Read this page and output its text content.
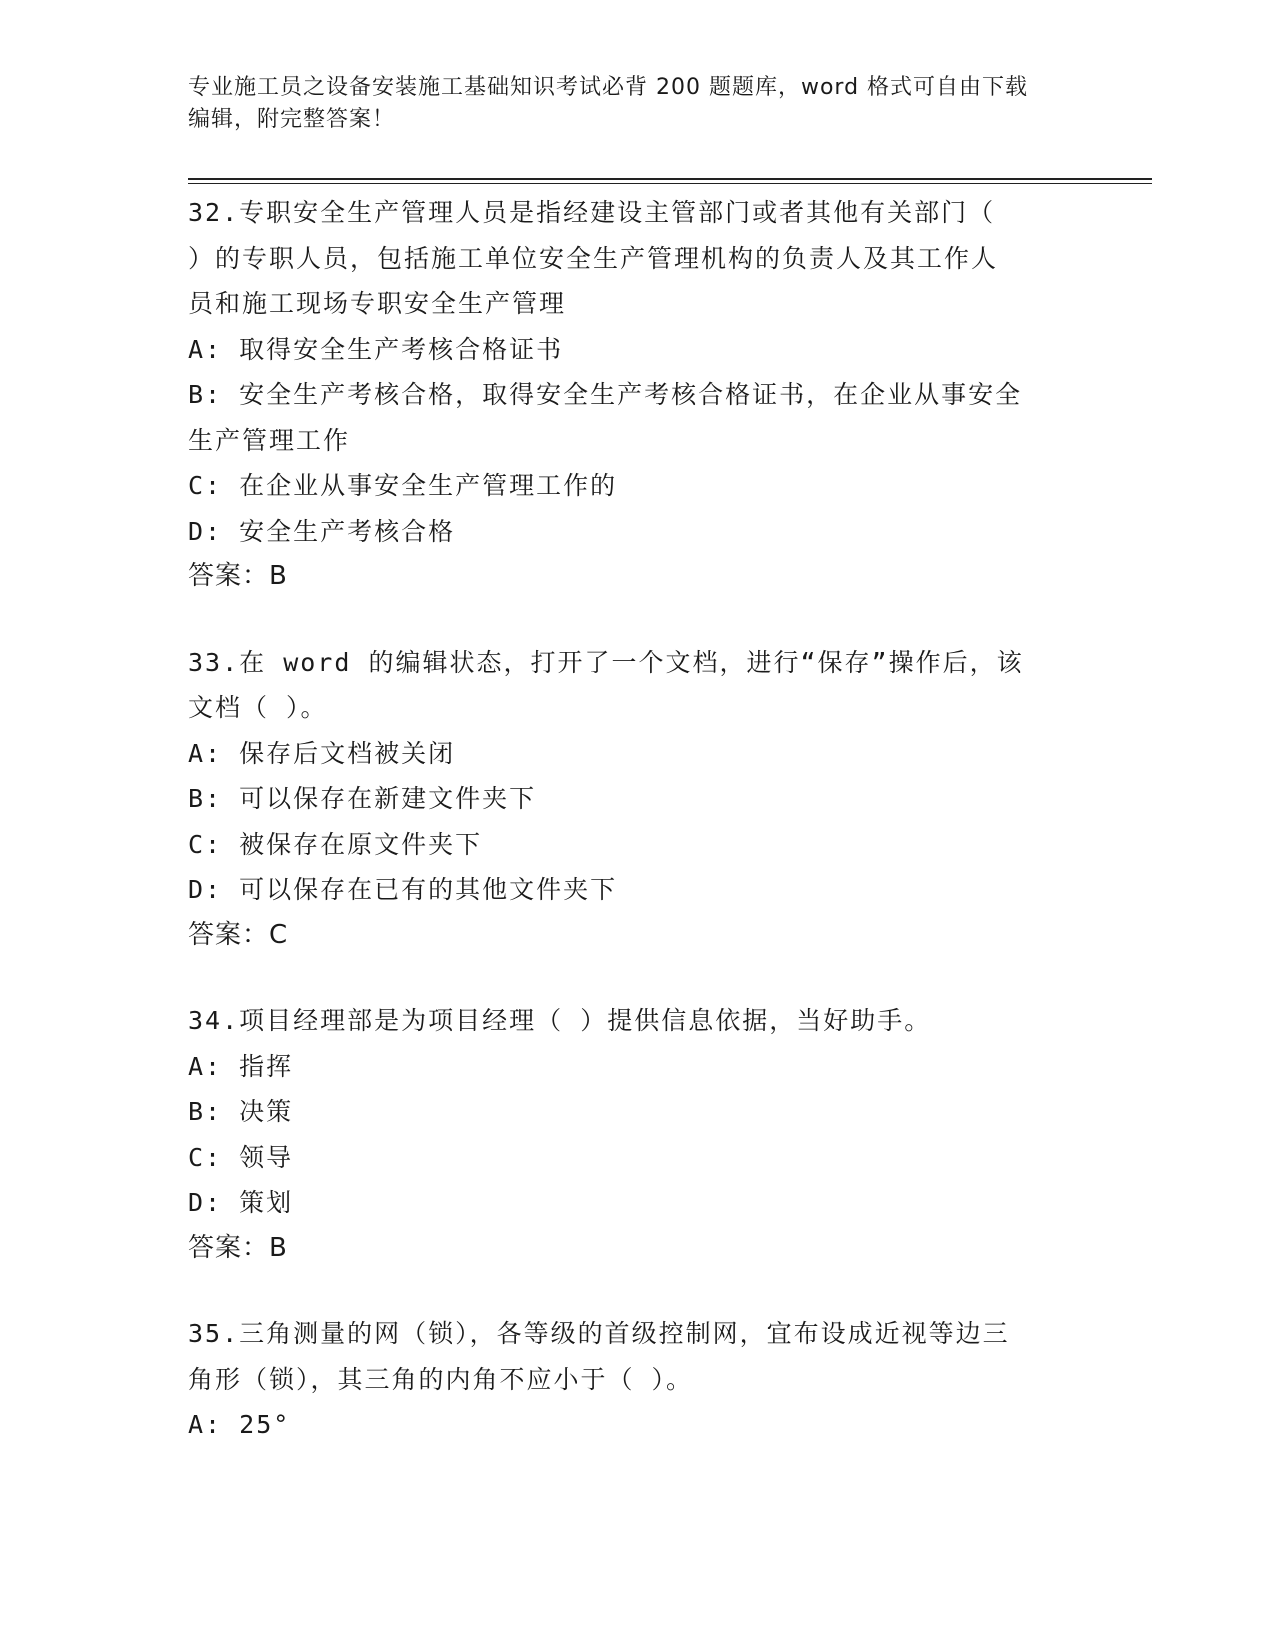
专业施工员之设备安装施工基础知识考试必背 200 题题库，word 格式可自由下载
编辑，附完整答案！
32.专职安全生产管理人员是指经建设主管部门或者其他有关部门（
）的专职人员，包括施工单位安全生产管理机构的负责人及其工作人
员和施工现场专职安全生产管理
A: 取得安全生产考核合格证书
B: 安全生产考核合格，取得安全生产考核合格证书，在企业从事安全
生产管理工作
C: 在企业从事安全生产管理工作的
D: 安全生产考核合格
答案：B
33.在 word 的编辑状态，打开了一个文档，进行“保存”操作后，该
文档（ ）。
A: 保存后文档被关闭
B: 可以保存在新建文件夹下
C: 被保存在原文件夹下
D: 可以保存在已有的其他文件夹下
答案：C
34.项目经理部是为项目经理（ ）提供信息依据，当好助手。
A: 指挥
B: 决策
C: 领导
D: 策划
答案：B
35.三角测量的网（锁），各等级的首级控制网，宜布设成近视等边三
角形（锁），其三角的内角不应小于（ ）。
A: 25°
